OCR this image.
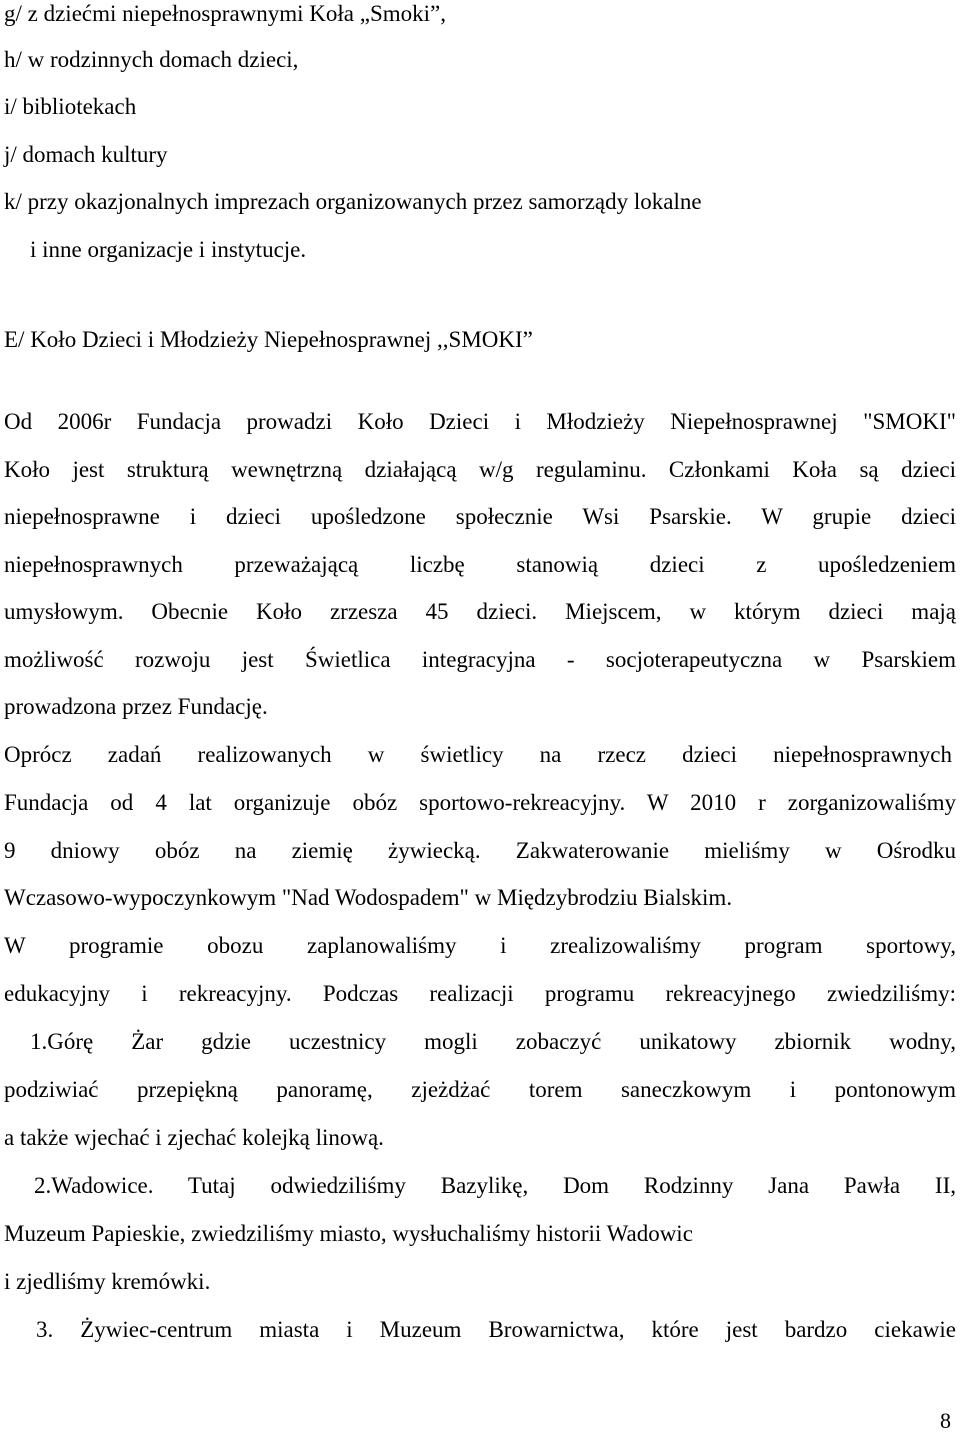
g/ z dziećmi niepełnosprawnymi Koła „Smoki”,
h/ w rodzinnych domach dzieci,
i/ bibliotekach
j/ domach kultury
k/ przy okazjonalnych imprezach organizowanych przez samorządy lokalne
i inne organizacje i instytucje.
E/ Koło Dzieci i Młodzieży Niepełnosprawnej ,,SMOKI”
Od 2006r Fundacja prowadzi Koło Dzieci i Młodzieży Niepełnosprawnej "SMOKI"
Koło jest strukturą wewnętrzną działającą w/g regulaminu. Członkami Koła są dzieci
niepełnosprawne i dzieci upośledzone społecznie Wsi Psarskie. W grupie dzieci
niepełnosprawnych przeważającą liczbę stanowią dzieci z upośledzeniem
umysłowym. Obecnie Koło zrzesza 45 dzieci. Miejscem, w którym dzieci mają
możliwość rozwoju jest Świetlica integracyjna - socjoterapeutyczna w Psarskiem
prowadzona przez Fundację.
Oprócz zadań realizowanych w świetlicy na rzecz dzieci niepełnosprawnych
Fundacja od 4 lat organizuje obóz sportowo-rekreacyjny. W 2010 r zorganizowaliśmy
9 dniowy obóz na ziemię żywiecką. Zakwaterowanie mieliśmy w Ośrodku
Wczasowo-wypoczynkowym "Nad Wodospadem" w Międzybrodziu Bialskim.
W programie obozu zaplanowaliśmy i zrealizowaliśmy program sportowy,
edukacyjny i rekreacyjny. Podczas realizacji programu rekreacyjnego zwiedziliśmy:
1.Górę Żar gdzie uczestnicy mogli zobaczyć unikatowy zbiornik wodny,
podziwiać przepiękną panoramę, zjeżdżać torem saneczkowym i pontonowym
a także wjechać i zjechać kolejką linową.
2.Wadowice. Tutaj odwiedziliśmy Bazylikę, Dom Rodzinny Jana Pawła II,
Muzeum Papieskie, zwiedziliśmy miasto, wysłuchaliśmy historii Wadowic
i zjedliśmy kremówki.
3. Żywiec-centrum miasta i Muzeum Browarnictwa, które jest bardzo ciekawie
8
